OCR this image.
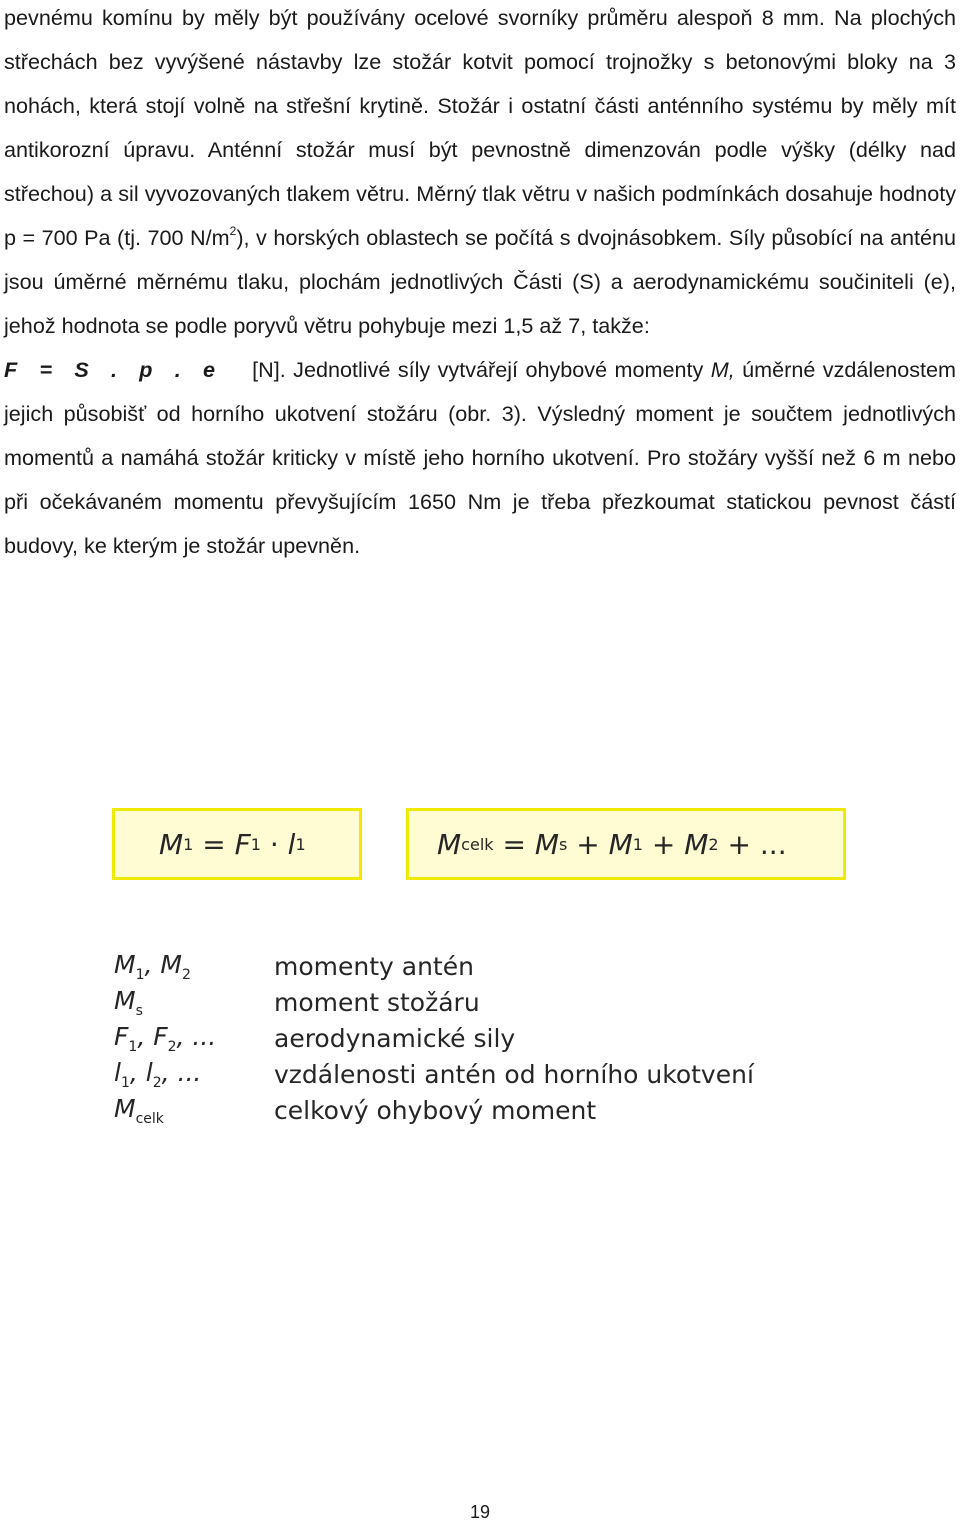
pevnému komínu by měly být používány ocelové svorníky průměru alespoň 8 mm. Na plochých střechách bez vyvýšené nástavby lze stožár kotvit pomocí trojnožky s betonovými bloky na 3 nohách, která stojí volně na střešní krytině. Stožár i ostatní části anténního systému by měly mít antikorozní úpravu. Anténní stožár musí být pevnostně dimenzován podle výšky (délky nad střechou) a sil vyvozovaných tlakem větru. Měrný tlak větru v našich podmínkách dosahuje hodnoty p = 700 Pa (tj. 700 $N/m^2$), v horských oblastech se počítá s dvojnásobkem. Síly působící na anténu jsou úměrné měrnému tlaku, plochám jednotlivých Části (S) a aerodynamickému součiniteli (e), jehož hodnota se podle poryvů větru pohybuje mezi 1,5 až 7, takže:
F = S . p . e [N]. Jednotlivé síly vytvářejí ohybové momenty M, úměrné vzdálenostem jejich působišť od horního ukotvení stožáru (obr. 3). Výsledný moment je součtem jednotlivých momentů a namáhá stožár kriticky v místě jeho horního ukotvení. Pro stožáry vyšší než 6 m nebo při očekávaném momentu převyšujícím 1650 Nm je třeba přezkoumat statickou pevnost částí budovy, ke kterým je stožár upevněn.

M 1
=
F 1
·
l 1	M celk
=
M s
+
M 1
+
M 2
+
...
$M_1$, $M_2$	momenty antén
$M_s$	moment stožáru
$F_1$, $F_2$, ...	aerodynamické sily
$l_1$, $l_2$, ...	vzdálenosti antén od horního ukotvení
$M_{celk}$	celkový ohybový moment
19
